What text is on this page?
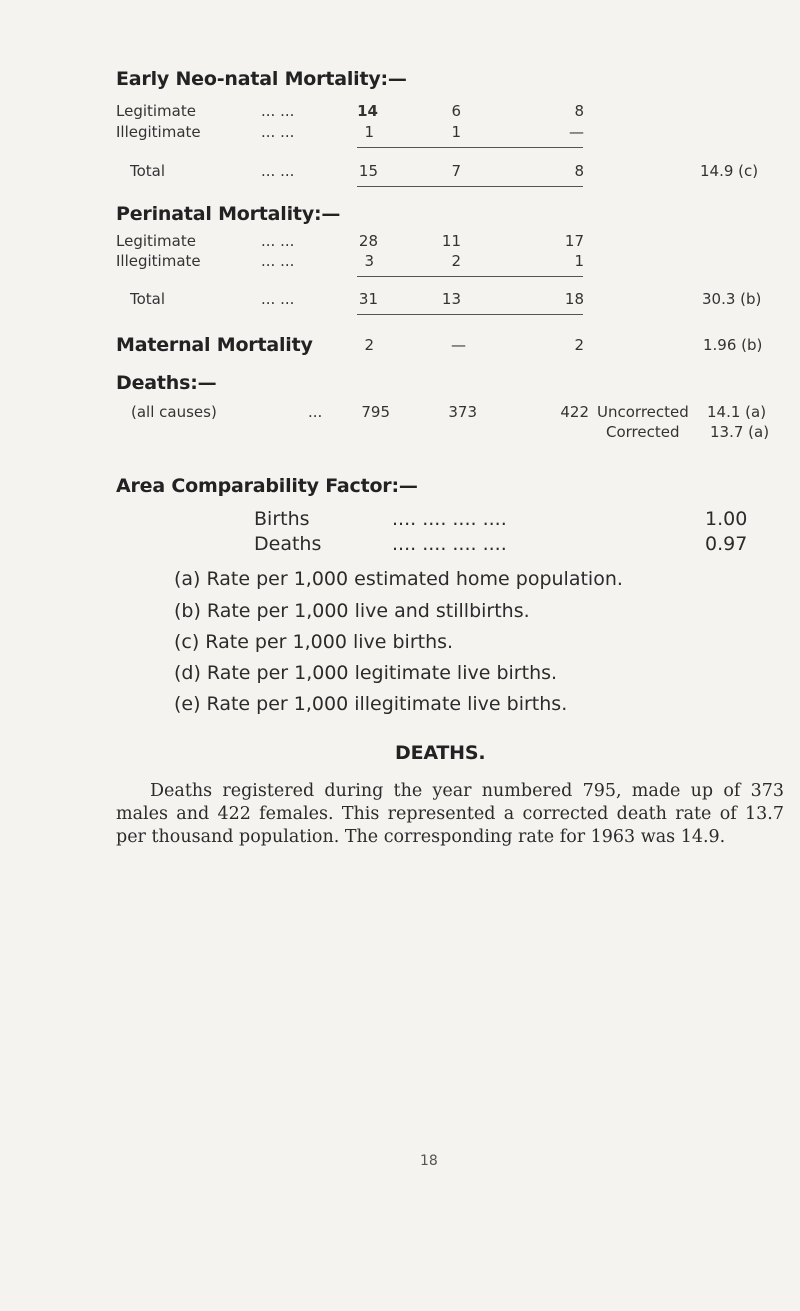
Early Neo-natal Mortality:—
Legitimate	... ...	14	6	8
Illegitimate	... ...	1	1	—
Total	... ...	15	7	8	14.9 (c)
Perinatal Mortality:—
Legitimate	... ...	28	11	17
Illegitimate	... ...	3	2	1
Total	... ...	31	13	18	30.3 (b)
Maternal Mortality	2	—	2	1.96 (b)
Deaths:—
(all causes)	...	795	373	422 Uncorrected 14.1 (a)
Corrected 13.7 (a)
Area Comparability Factor:—
Births	.... .... .... ....	1.00
Deaths	.... .... .... ....	0.97
(a) Rate per 1,000 estimated home population.
(b) Rate per 1,000 live and stillbirths.
(c) Rate per 1,000 live births.
(d) Rate per 1,000 legitimate live births.
(e) Rate per 1,000 illegitimate live births.
DEATHS.
Deaths registered during the year numbered 795, made up of 373 males and 422 females. This represented a corrected death rate of 13.7 per thousand population. The corresponding rate for 1963 was 14.9.
18
